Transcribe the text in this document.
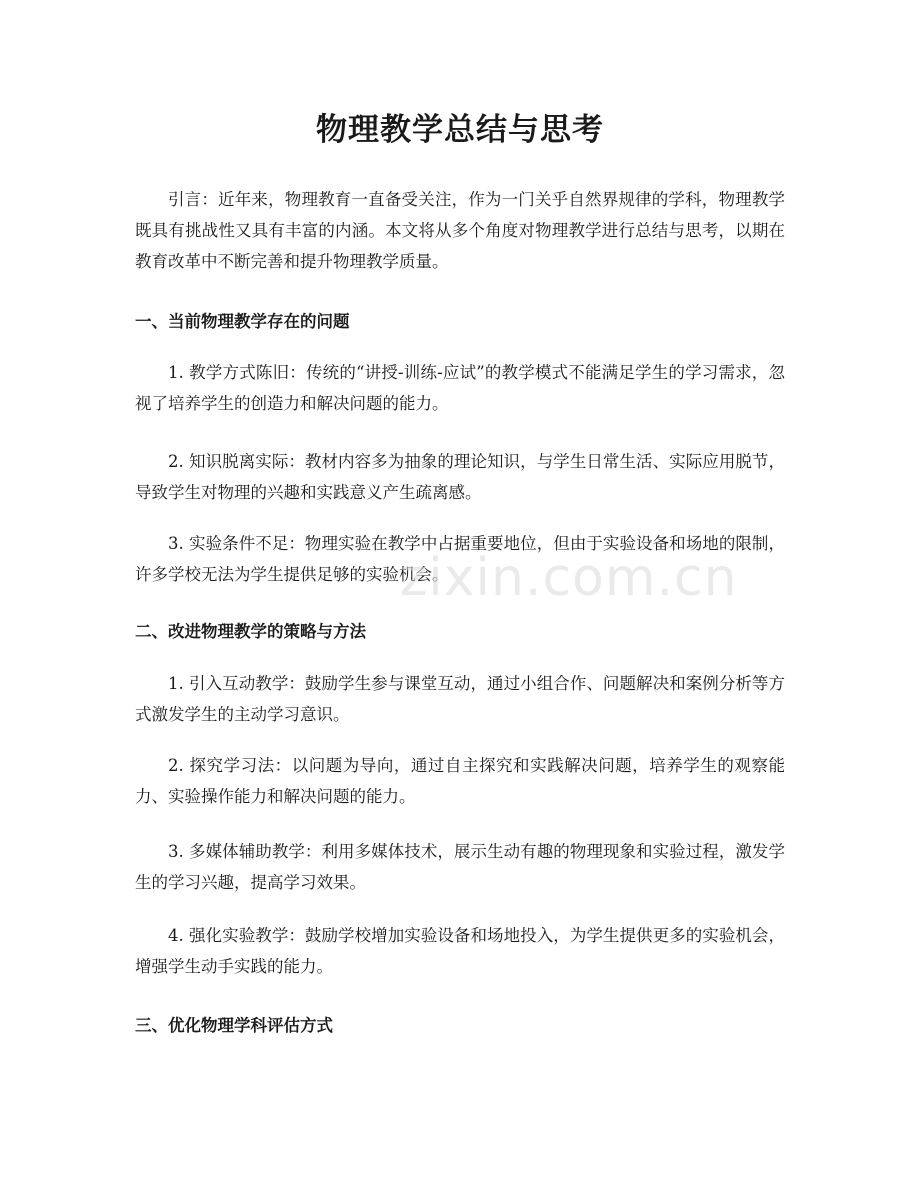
物理教学总结与思考

引言：近年来，物理教育一直备受关注，作为一门关乎自然界规律的学科，物理教学既具有挑战性又具有丰富的内涵。本文将从多个角度对物理教学进行总结与思考，以期在教育改革中不断完善和提升物理教学质量。

一、当前物理教学存在的问题

1. 教学方式陈旧：传统的“讲授-训练-应试”的教学模式不能满足学生的学习需求，忽视了培养学生的创造力和解决问题的能力。

2. 知识脱离实际：教材内容多为抽象的理论知识，与学生日常生活、实际应用脱节，导致学生对物理的兴趣和实践意义产生疏离感。

3. 实验条件不足：物理实验在教学中占据重要地位，但由于实验设备和场地的限制，许多学校无法为学生提供足够的实验机会。

二、改进物理教学的策略与方法

1. 引入互动教学：鼓励学生参与课堂互动，通过小组合作、问题解决和案例分析等方式激发学生的主动学习意识。

2. 探究学习法：以问题为导向，通过自主探究和实践解决问题，培养学生的观察能力、实验操作能力和解决问题的能力。

3. 多媒体辅助教学：利用多媒体技术，展示生动有趣的物理现象和实验过程，激发学生的学习兴趣，提高学习效果。

4. 强化实验教学：鼓励学校增加实验设备和场地投入，为学生提供更多的实验机会，增强学生动手实践的能力。

三、优化物理学科评估方式
zixin.com.cn
